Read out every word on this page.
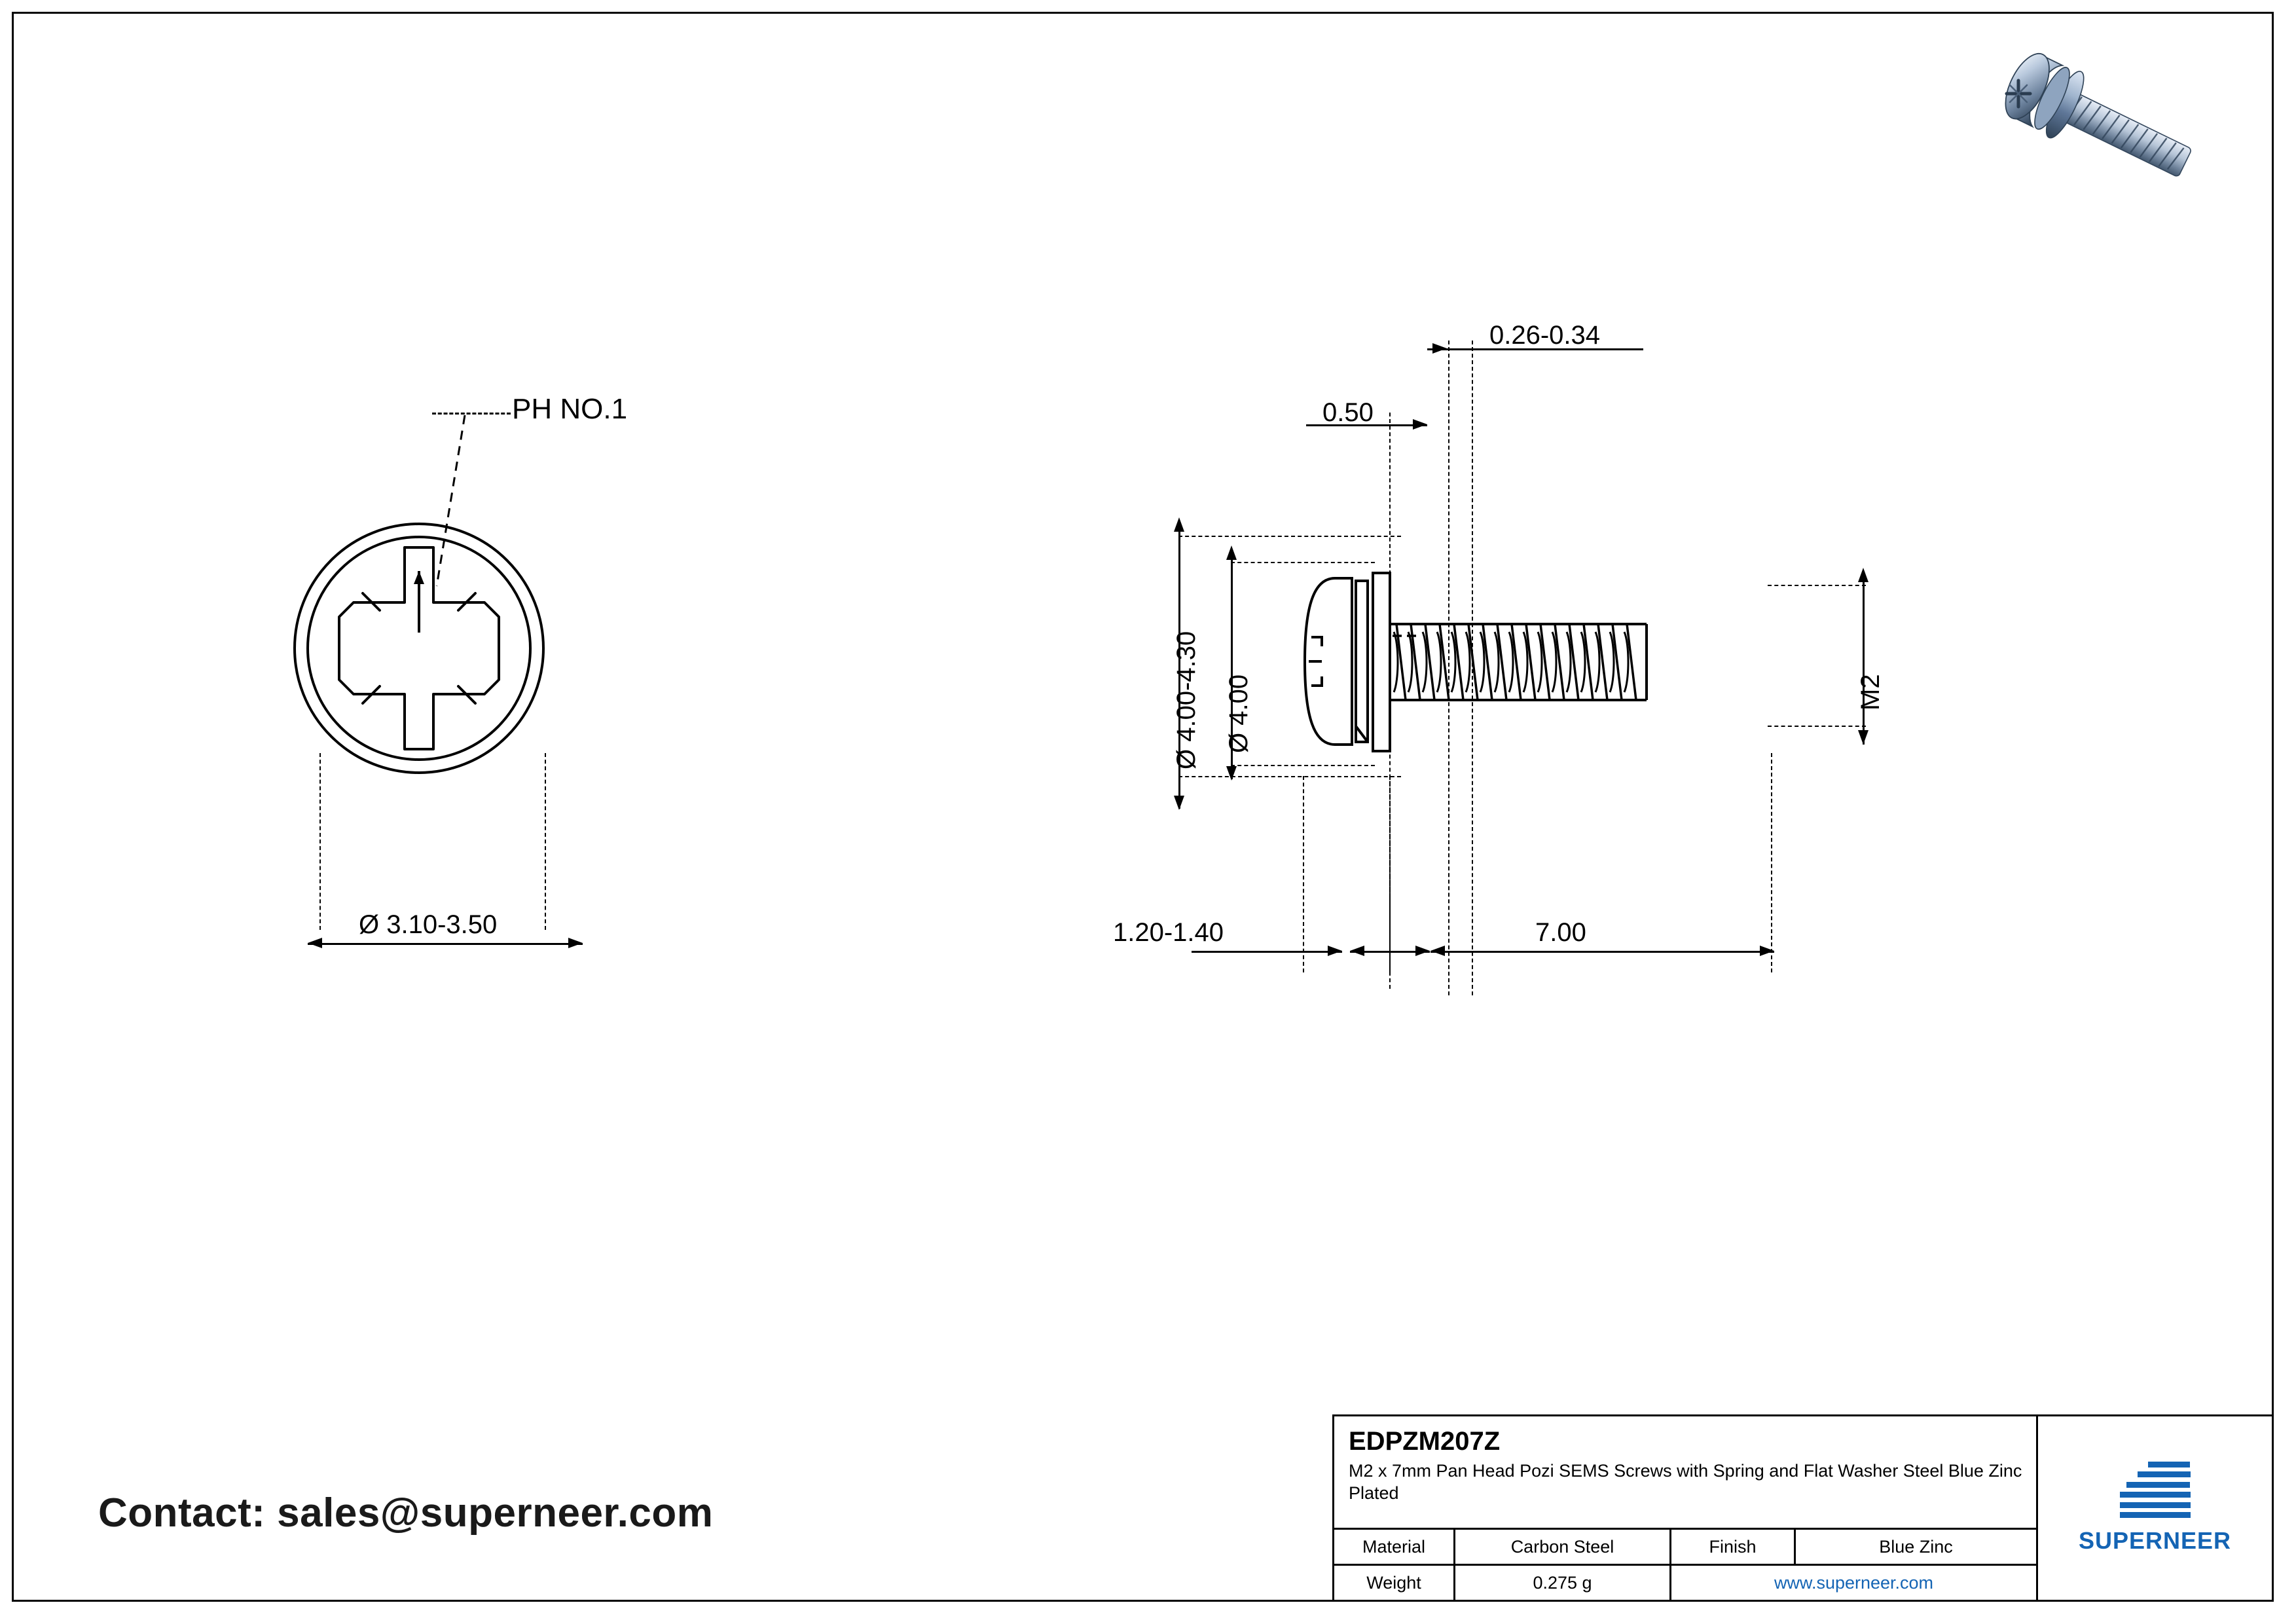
PH NO.1
Ø 3.10-3.50
0.26-0.34
0.50
Ø 4.00-4.30 Ø 4.00	M2
1.20-1.40	7.00
Contact: sales@superneer.com
EDPZM207Z
M2 x 7mm Pan Head Pozi SEMS Screws with Spring and Flat Washer Steel Blue Zinc Plated
Material	Carbon Steel	Finish	Blue Zinc
Weight	0.275 g	www.superneer.com
SUPERNEER
